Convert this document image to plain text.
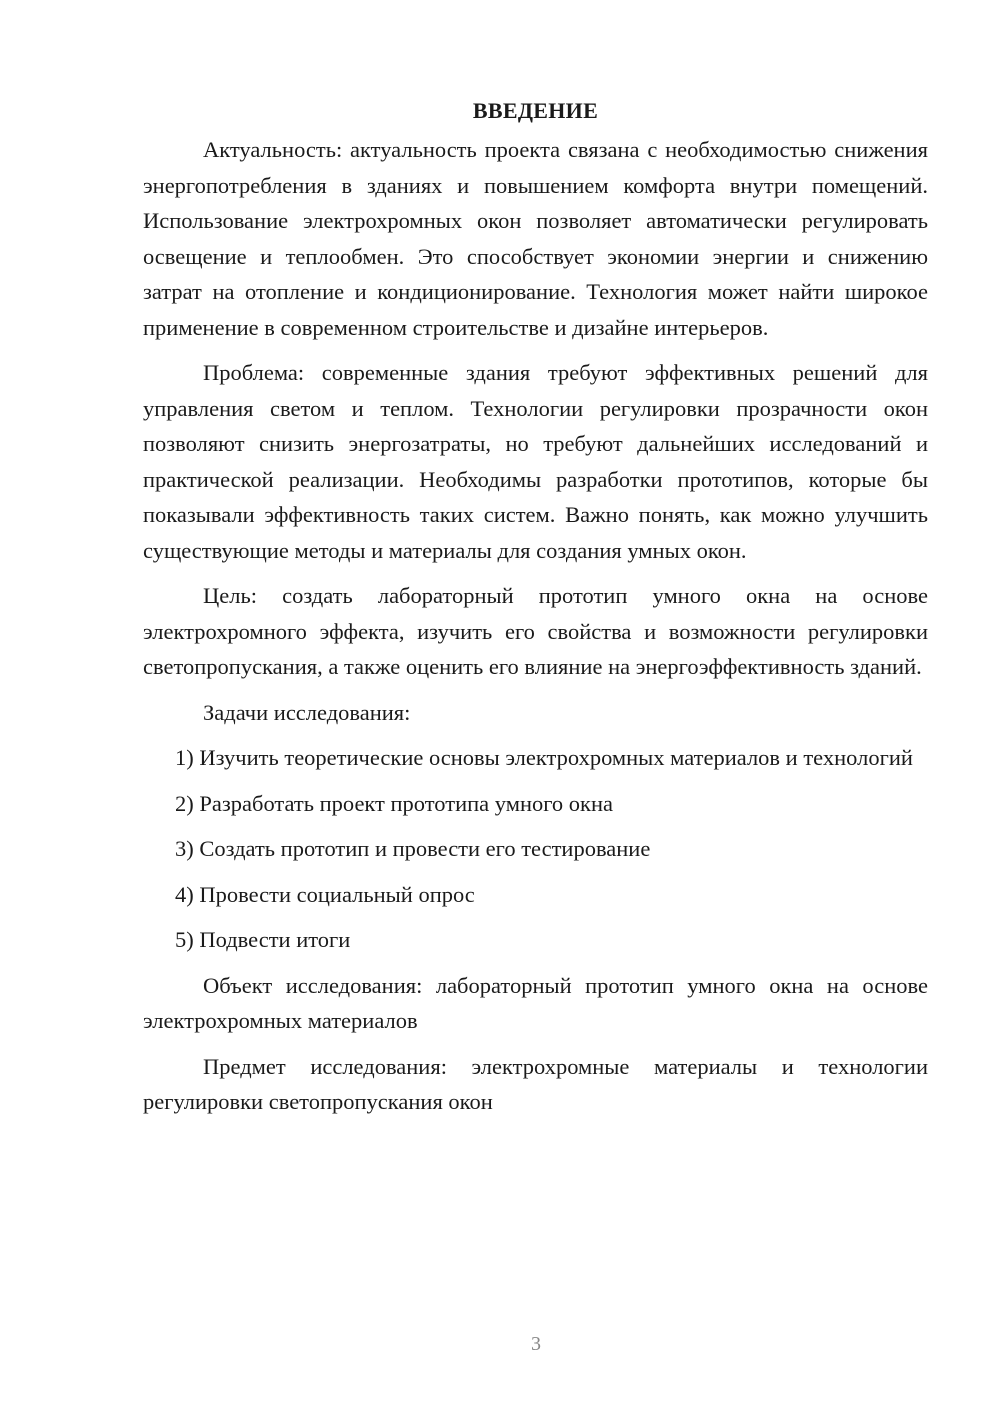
ВВЕДЕНИЕ

Актуальность: актуальность проекта связана с необходимостью снижения энергопотребления в зданиях и повышением комфорта внутри помещений. Использование электрохромных окон позволяет автоматически регулировать освещение и теплообмен. Это способствует экономии энергии и снижению затрат на отопление и кондиционирование. Технология может найти широкое применение в современном строительстве и дизайне интерьеров.

Проблема: современные здания требуют эффективных решений для управления светом и теплом. Технологии регулировки прозрачности окон позволяют снизить энергозатраты, но требуют дальнейших исследований и практической реализации. Необходимы разработки прототипов, которые бы показывали эффективность таких систем. Важно понять, как можно улучшить существующие методы и материалы для создания умных окон.

Цель: создать лабораторный прототип умного окна на основе электрохромного эффекта, изучить его свойства и возможности регулировки светопропускания, а также оценить его влияние на энергоэффективность зданий.

Задачи исследования:

1) Изучить теоретические основы электрохромных материалов и технологий

2) Разработать проект прототипа умного окна

3) Создать прототип и провести его тестирование

4) Провести социальный опрос

5) Подвести итоги

Объект исследования: лабораторный прототип умного окна на основе электрохромных материалов

Предмет исследования: электрохромные материалы и технологии регулировки светопропускания окон

3
